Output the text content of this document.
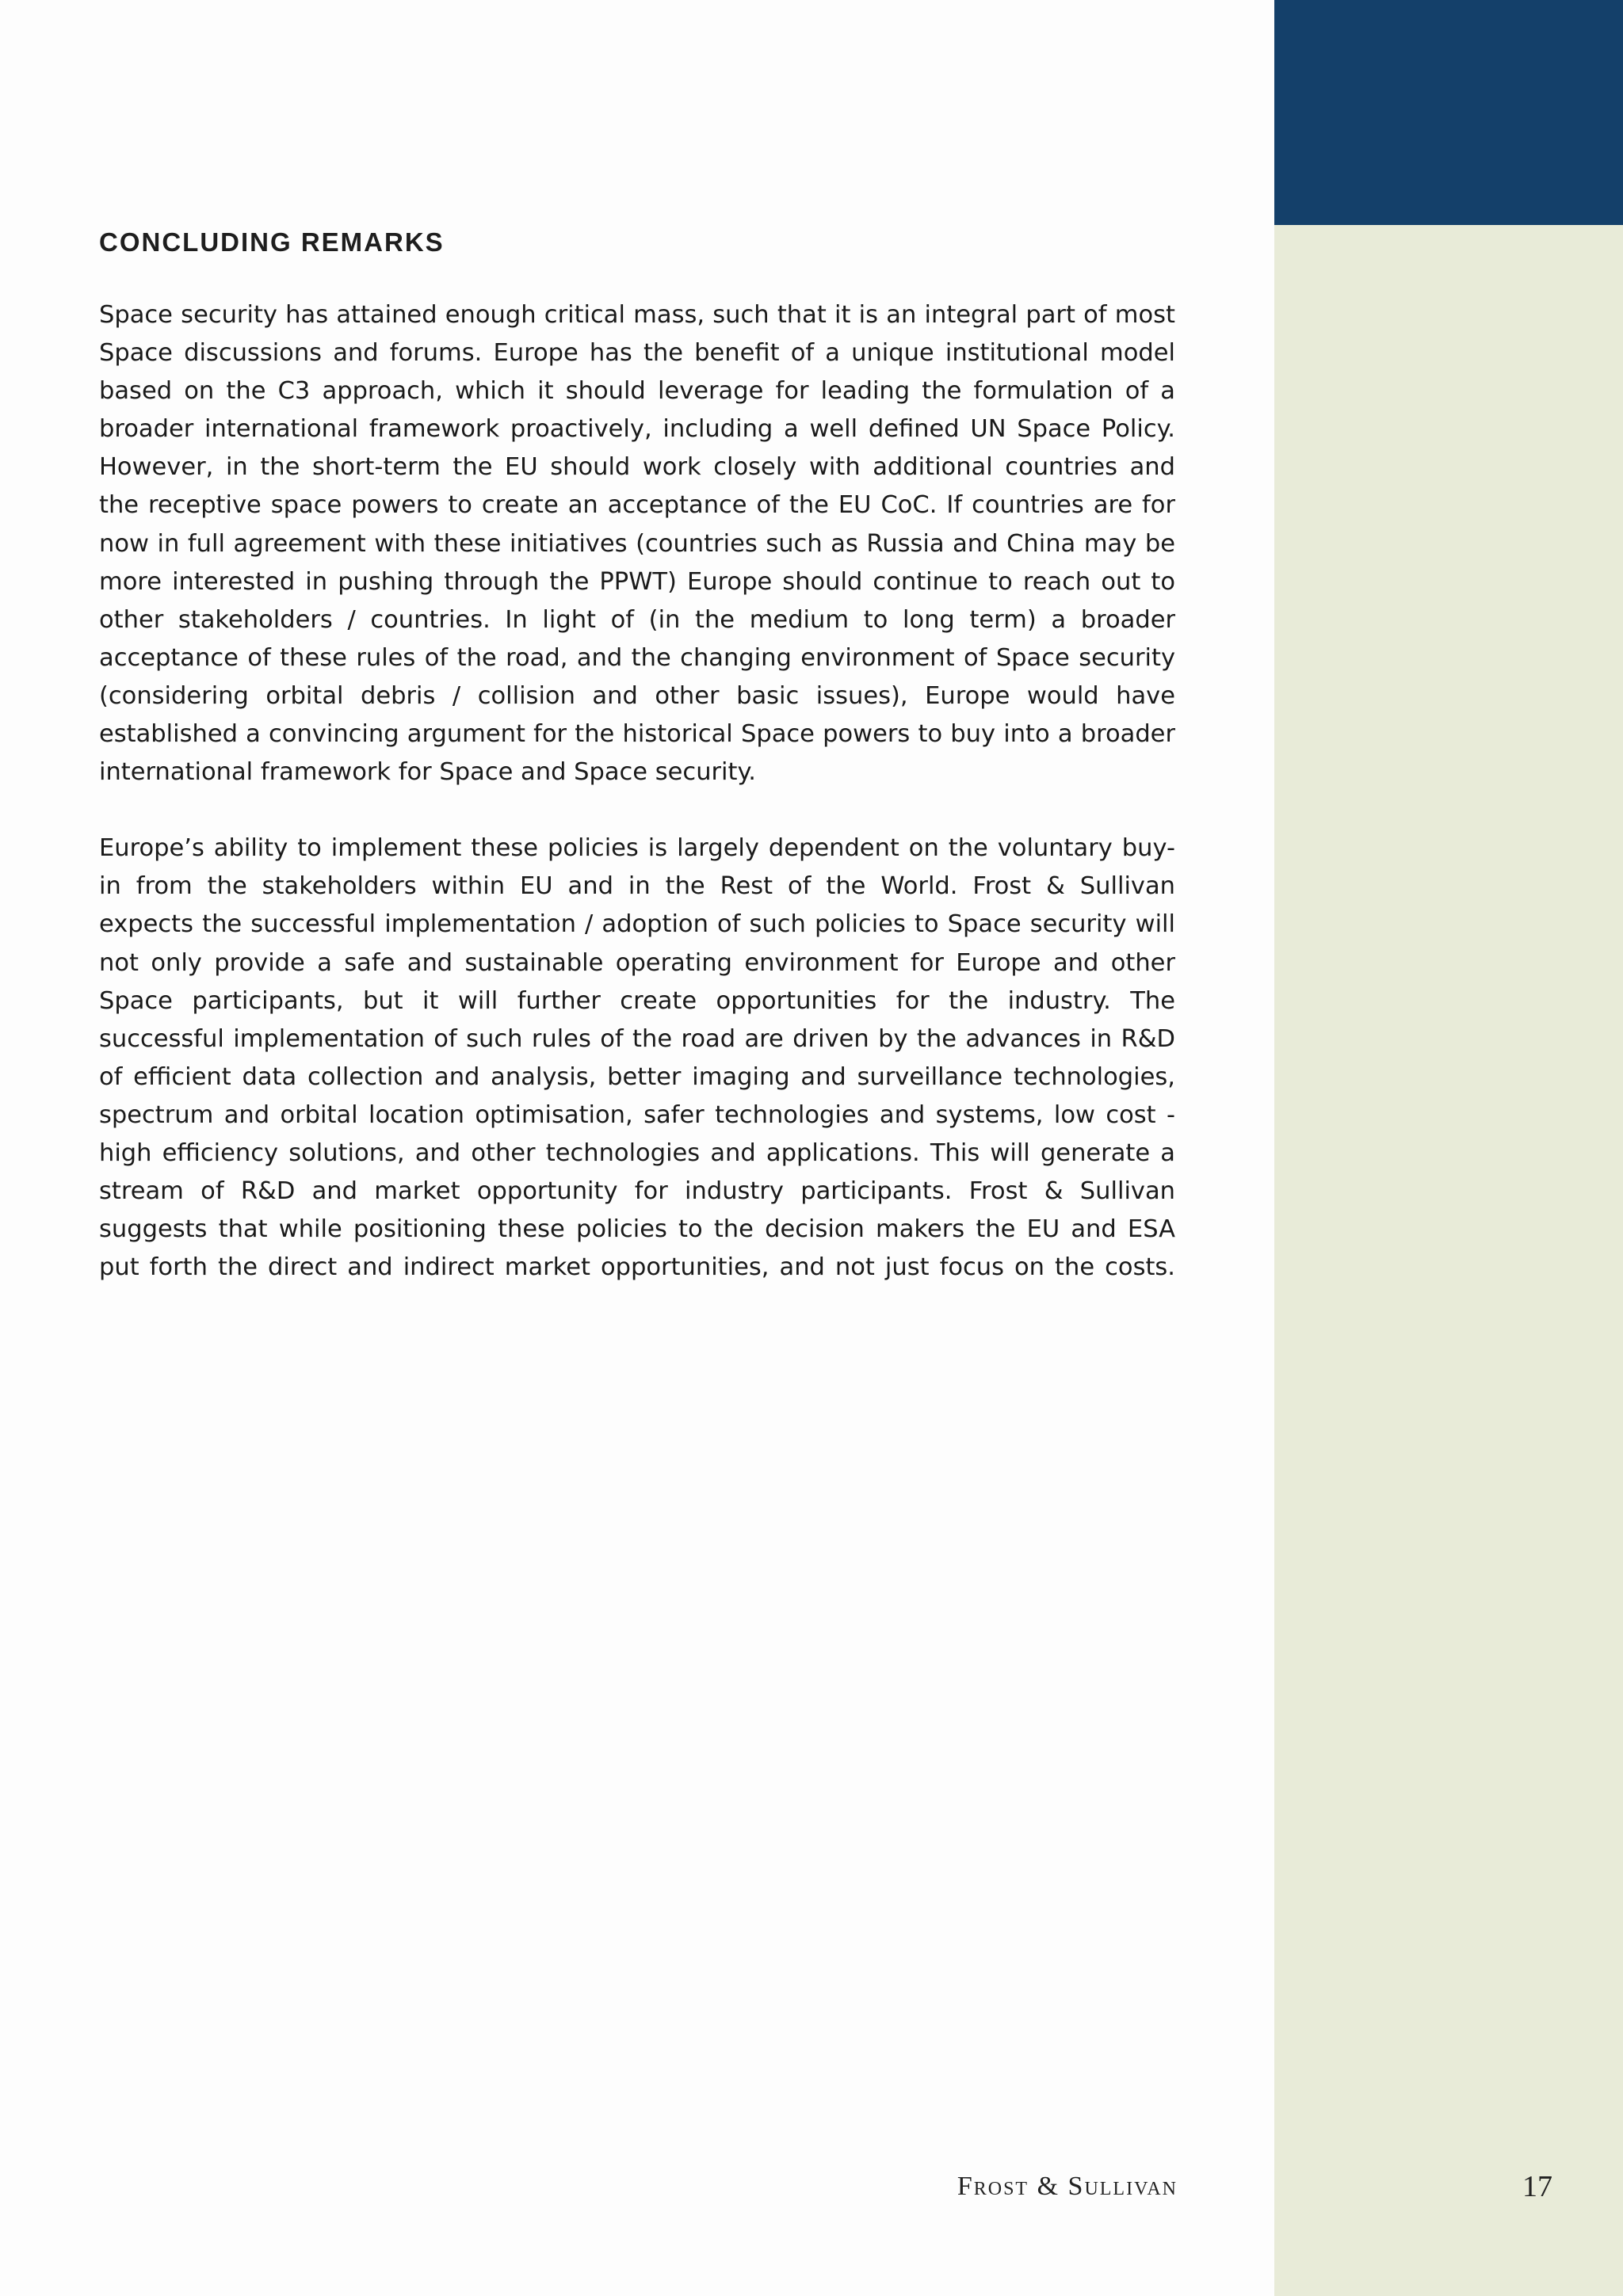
CONCLUDING REMARKS
Space security has attained enough critical mass, such that it is an integral part of most
Space discussions and forums. Europe has the benefit of a unique institutional model
based on the C3 approach, which it should leverage for leading the formulation of a
broader international framework proactively, including a well defined UN Space Policy.
However, in the short-term the EU should work closely with additional countries and
the receptive space powers to create an acceptance of the EU CoC. If countries are for
now in full agreement with these initiatives (countries such as Russia and China may be
more interested in pushing through the PPWT) Europe should continue to reach out to
other stakeholders / countries. In light of (in the medium to long term) a broader
acceptance of these rules of the road, and the changing environment of Space security
(considering orbital debris / collision and other basic issues), Europe would have
established a convincing argument for the historical Space powers to buy into a broader
international framework for Space and Space security.
Europe’s ability to implement these policies is largely dependent on the voluntary buy-
in from the stakeholders within EU and in the Rest of the World. Frost & Sullivan
expects the successful implementation / adoption of such policies to Space security will
not only provide a safe and sustainable operating environment for Europe and other
Space participants, but it will further create opportunities for the industry. The
successful implementation of such rules of the road are driven by the advances in R&D
of efficient data collection and analysis, better imaging and surveillance technologies,
spectrum and orbital location optimisation, safer technologies and systems, low cost -
high efficiency solutions, and other technologies and applications. This will generate a
stream of R&D and market opportunity for industry participants. Frost & Sullivan
suggests that while positioning these policies to the decision makers the EU and ESA
put forth the direct and indirect market opportunities, and not just focus on the costs.
Frost & Sullivan	17
